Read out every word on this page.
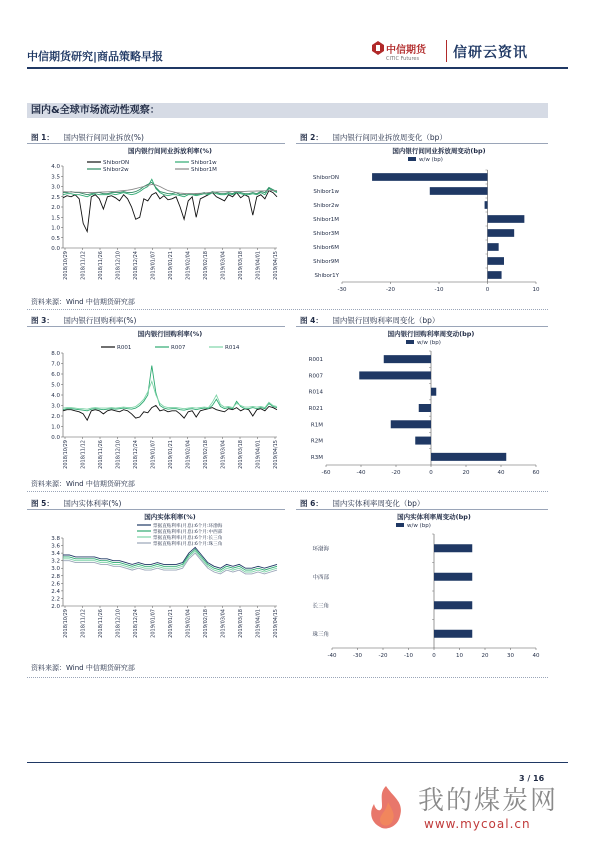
中信期货研究|商品策略早报	中信期货
CITIC Futures	信研云资讯
国内&全球市场流动性观察：
图 1： 国内银行间同业拆放(%)	图 2： 国内银行间同业拆放周变化（bp）
国内银行间同业拆放利率(%)
ShiborON	Shibor1w
Shibor2w	Shibor1M
0.0
0.5
1.0
1.5
2.0
2.5
3.0
3.5
4.0
2018/10/29 2018/11/12 2018/11/26 2018/12/10 2018/12/24 2019/01/07 2019/01/21 2019/02/04 2019/02/18 2019/03/04 2019/03/18 2019/04/01 2019/04/15
国内银行间同业拆放周变动(bp)
w/w (bp)
-30	-20	-10	0	10
ShiborON
Shibor1w
Shibor2w
Shibor1M
Shibor3M
Shibor6M
Shibor9M
Shibor1Y
资料来源：Wind 中信期货研究部
图 3： 国内银行回购利率(%)	图 4： 国内银行回购利率周变化（bp）
国内银行回购利率(%)
R001	R007	R014
0.0
1.0
2.0
3.0
4.0
5.0
6.0
7.0
8.0
2018/10/29 2018/11/12 2018/11/26 2018/12/10 2018/12/24 2019/01/07 2019/01/21 2019/02/04 2019/02/18 2019/03/04 2019/03/18 2019/04/01 2019/04/15
国内银行回购利率周变动(bp)
w/w (bp)
-60	-40	-20	0	20	40	60
R001
R007
R014
R021
R1M
R2M
R3M
资料来源：Wind 中信期货研究部
图 5： 国内实体利率(%)	图 6： 国内实体利率周变化（bp）
国内实体利率(%)
票据直贴利率(月息):6个月:环渤海
票据直贴利率(月息):6个月:中西部
票据直贴利率(月息):6个月:长三角
票据直贴利率(月息):6个月:珠三角
2.0
2.2
2.4
2.6
2.8
3.0
3.2
3.4
3.6
3.8
2018/10/29 2018/11/12 2018/11/26 2018/12/10 2018/12/24 2019/01/07 2019/01/21 2019/02/04 2019/02/18 2019/03/04 2019/03/18 2019/04/01 2019/04/15
国内实体利率周变动(bp)
w/w (bp)
-40	-30	-20	-10	0	10	20	30	40
环渤海
中西部
长三角
珠三角
资料来源：Wind 中信期货研究部
3 / 16
我的煤炭网
www.mycoal.cn
